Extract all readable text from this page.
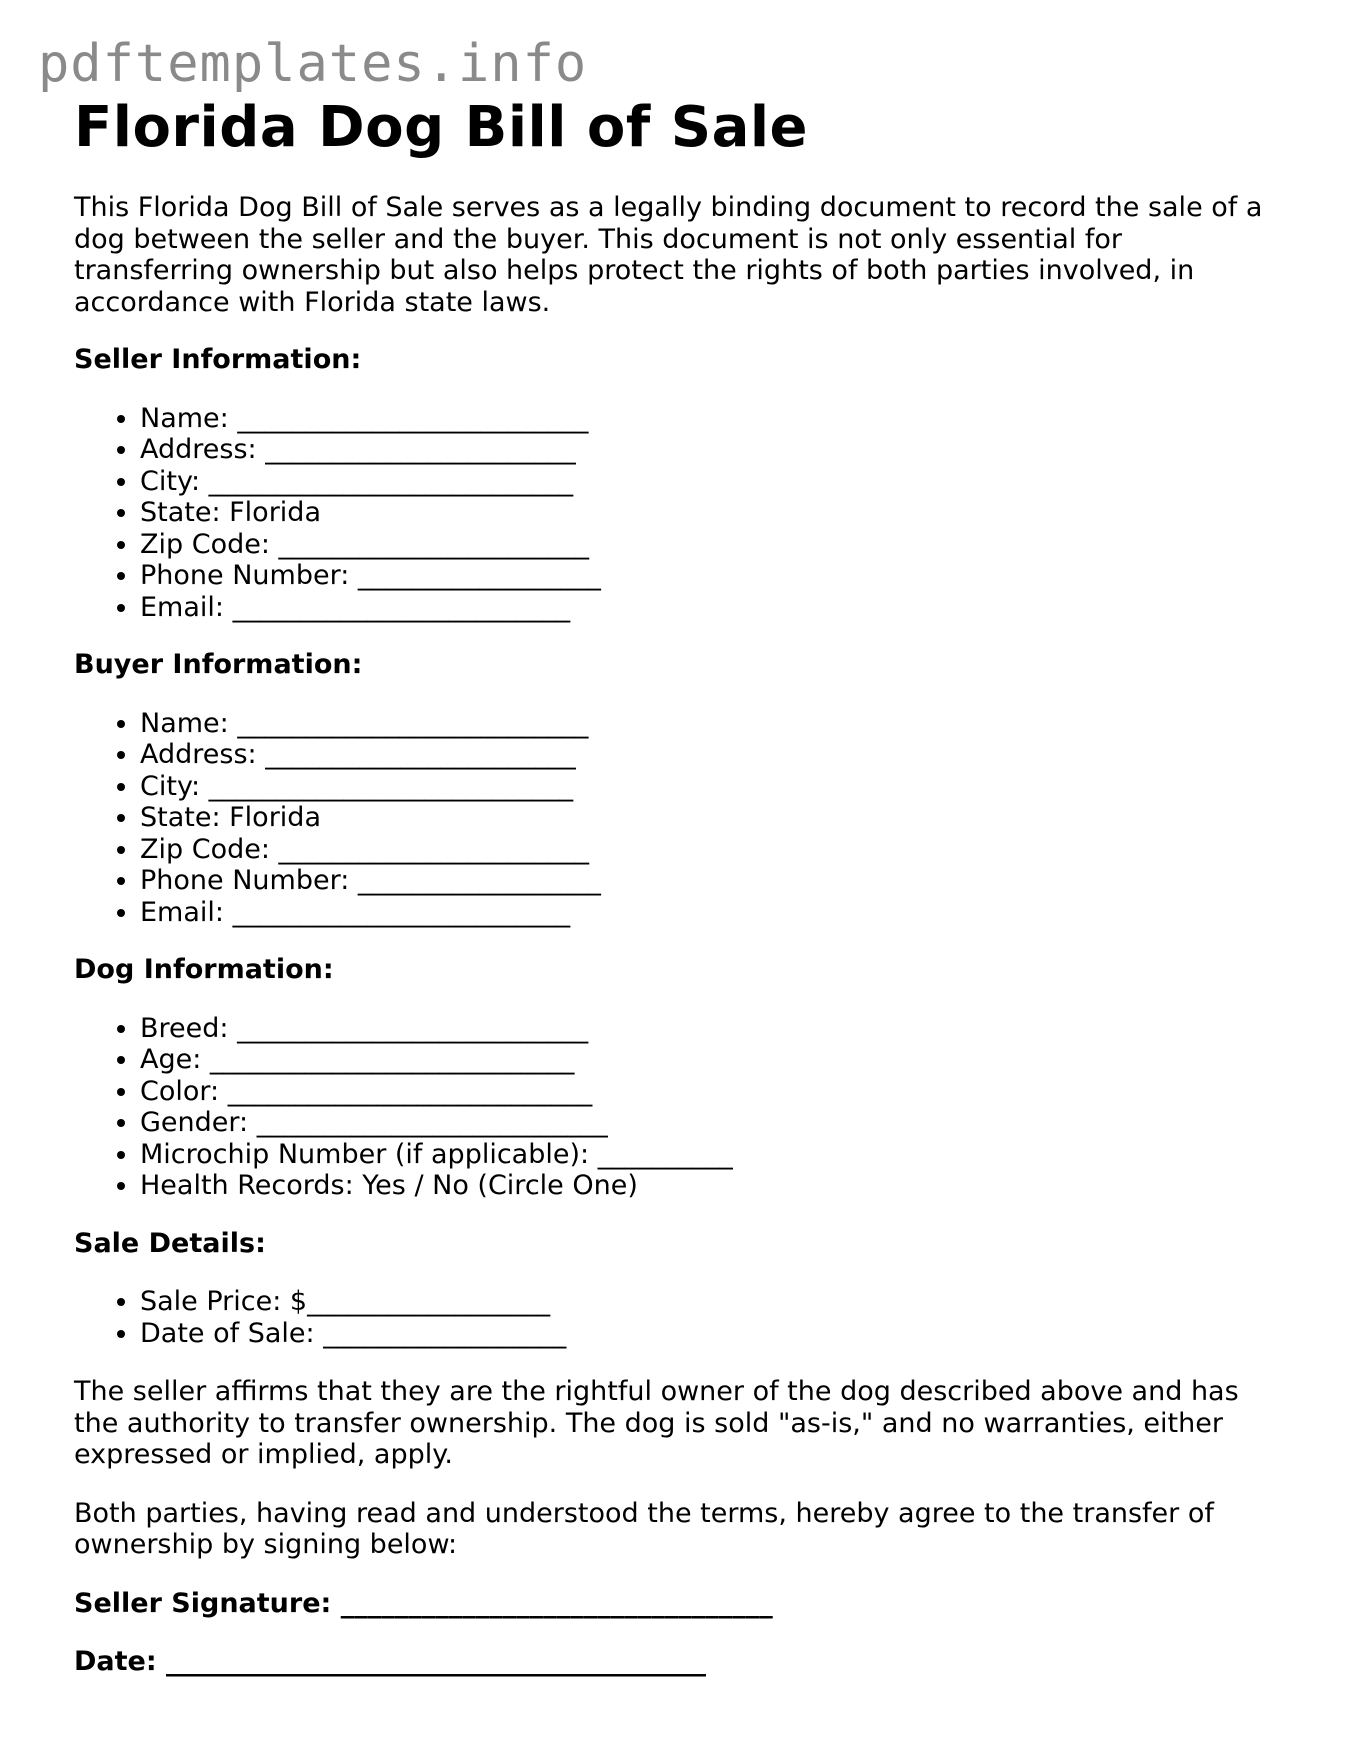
pdftemplates.info
Florida Dog Bill of Sale

This Florida Dog Bill of Sale serves as a legally binding document to record the sale of a dog between the seller and the buyer. This document is not only essential for transferring ownership but also helps protect the rights of both parties involved, in accordance with Florida state laws.

Seller Information:
• Name: __________________________
• Address: _______________________
• City: ___________________________
• State: Florida
• Zip Code: _______________________
• Phone Number: __________________
• Email: _________________________
Buyer Information:
• Name: __________________________
• Address: _______________________
• City: ___________________________
• State: Florida
• Zip Code: _______________________
• Phone Number: __________________
• Email: _________________________
Dog Information:
• Breed: __________________________
• Age: ___________________________
• Color: ___________________________
• Gender: __________________________
• Microchip Number (if applicable): __________
• Health Records: Yes / No (Circle One)
Sale Details:
• Sale Price: $__________________
• Date of Sale: __________________

The seller affirms that they are the rightful owner of the dog described above and has the authority to transfer ownership. The dog is sold "as-is," and no warranties, either expressed or implied, apply.

Both parties, having read and understood the terms, hereby agree to the transfer of ownership by signing below:

Seller Signature: ________________________________

Date: ________________________________________
